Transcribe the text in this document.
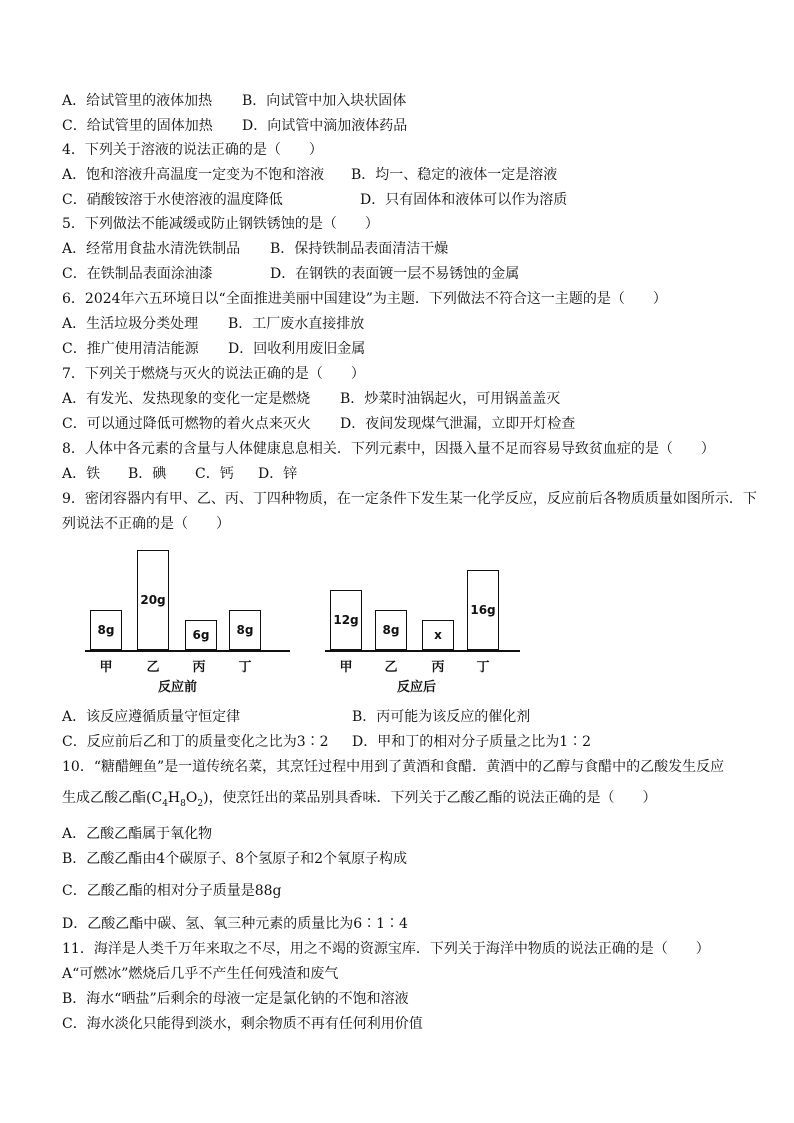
A．给试管里的液体加热 B．向试管中加入块状固体
C．给试管里的固体加热 D．向试管中滴加液体药品
4．下列关于溶液的说法正确的是（　　）
A．饱和溶液升高温度一定变为不饱和溶液 B．均一、稳定的液体一定是溶液
C．硝酸铵溶于水使溶液的温度降低	D．只有固体和液体可以作为溶质
5．下列做法不能减缓或防止钢铁锈蚀的是（　　）
A．经常用食盐水清洗铁制品 B．保持铁制品表面清洁干燥
C．在铁制品表面涂油漆	D．在钢铁的表面镀一层不易锈蚀的金属
6．2024年六五环境日以“全面推进美丽中国建设”为主题．下列做法不符合这一主题的是（　　）
A．生活垃圾分类处理 B．工厂废水直接排放
C．推广使用清洁能源 D．回收利用废旧金属
7．下列关于燃烧与灭火的说法正确的是（　　）
A．有发光、发热现象的变化一定是燃烧 B．炒菜时油锅起火，可用锅盖盖灭
C．可以通过降低可燃物的着火点来灭火 D．夜间发现煤气泄漏，立即开灯检查
8．人体中各元素的含量与人体健康息息相关．下列元素中，因摄入量不足而容易导致贫血症的是（　　）
A．铁 B．碘 C．钙 D．锌
9．密闭容器内有甲、乙、丙、丁四种物质，在一定条件下发生某一化学反应，反应前后各物质质量如图所示．下
列说法不正确的是（　　）
8g
20g
6g 8g
甲	乙	丙	丁
反应前
12g
8g	x
16g
甲	乙	丙	丁
反应后
A．该反应遵循质量守恒定律	B．丙可能为该反应的催化剂
C．反应前后乙和丁的质量变化之比为3∶2 D．甲和丁的相对分子质量之比为1∶2
10．“糖醋鲤鱼”是一道传统名菜，其烹饪过程中用到了黄酒和食醋．黄酒中的乙醇与食醋中的乙酸发生反应
生成乙酸乙酯$(C_4H_8O_2)$，使烹饪出的菜品别具香味．下列关于乙酸乙酯的说法正确的是（　　）
A．乙酸乙酯属于氧化物
B．乙酸乙酯由4个碳原子、8个氢原子和2个氧原子构成
C．乙酸乙酯的相对分子质量是88g
D．乙酸乙酯中碳、氢、氧三种元素的质量比为6∶1∶4
11．海洋是人类千万年来取之不尽，用之不竭的资源宝库．下列关于海洋中物质的说法正确的是（　　）
A“可燃冰”燃烧后几乎不产生任何残渣和废气
B．海水“晒盐”后剩余的母液一定是氯化钠的不饱和溶液
C．海水淡化只能得到淡水，剩余物质不再有任何利用价值
